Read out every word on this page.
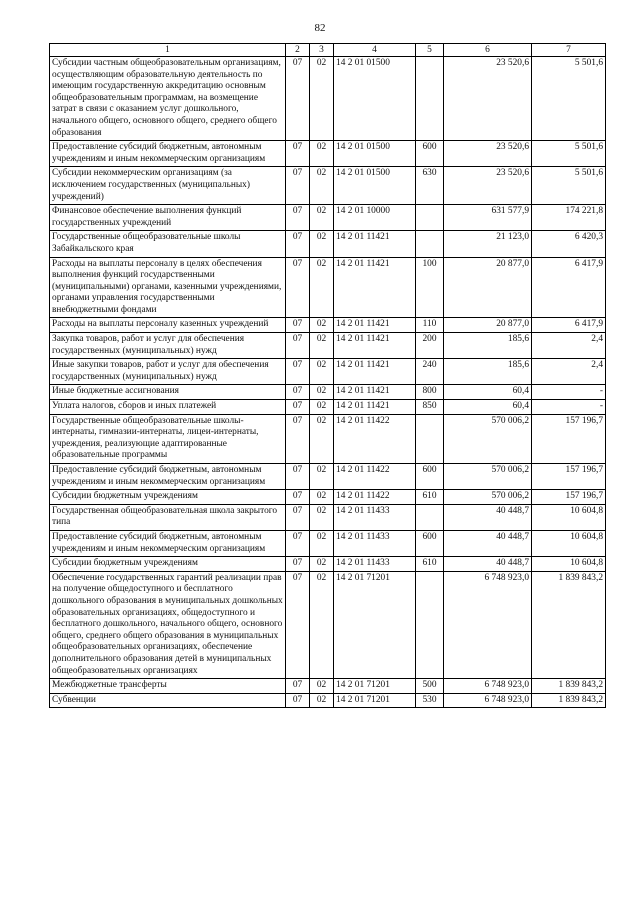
82
1	2	3	4	5	6	7
Субсидии частным общеобразовательным организациям, осуществляющим образовательную деятельность по имеющим государственную аккредитацию основным общеобразовательным программам, на возмещение затрат в связи с оказанием услуг дошкольного, начального общего, основного общего, среднего общего образования	07	02	14 2 01 01500		23 520,6	5 501,6
Предоставление субсидий бюджетным, автономным учреждениям и иным некоммерческим организациям	07	02	14 2 01 01500	600	23 520,6	5 501,6
Субсидии некоммерческим организациям (за исключением государственных (муниципальных) учреждений)	07	02	14 2 01 01500	630	23 520,6	5 501,6
Финансовое обеспечение выполнения функций государственных учреждений	07	02	14 2 01 10000		631 577,9	174 221,8
Государственные общеобразовательные школы Забайкальского края	07	02	14 2 01 11421		21 123,0	6 420,3
Расходы на выплаты персоналу в целях обеспечения выполнения функций государственными (муниципальными) органами, казенными учреждениями, органами управления государственными внебюджетными фондами	07	02	14 2 01 11421	100	20 877,0	6 417,9
Расходы на выплаты персоналу казенных учреждений	07	02	14 2 01 11421	110	20 877,0	6 417,9
Закупка товаров, работ и услуг для обеспечения государственных (муниципальных) нужд	07	02	14 2 01 11421	200	185,6	2,4
Иные закупки товаров, работ и услуг для обеспечения государственных (муниципальных) нужд	07	02	14 2 01 11421	240	185,6	2,4
Иные бюджетные ассигнования	07	02	14 2 01 11421	800	60,4	-
Уплата налогов, сборов и иных платежей	07	02	14 2 01 11421	850	60,4	-
Государственные общеобразовательные школы-интернаты, гимназии-интернаты, лицеи-интернаты, учреждения, реализующие адаптированные образовательные программы	07	02	14 2 01 11422		570 006,2	157 196,7
Предоставление субсидий бюджетным, автономным учреждениям и иным некоммерческим организациям	07	02	14 2 01 11422	600	570 006,2	157 196,7
Субсидии бюджетным учреждениям	07	02	14 2 01 11422	610	570 006,2	157 196,7
Государственная общеобразовательная школа закрытого типа	07	02	14 2 01 11433		40 448,7	10 604,8
Предоставление субсидий бюджетным, автономным учреждениям и иным некоммерческим организациям	07	02	14 2 01 11433	600	40 448,7	10 604,8
Субсидии бюджетным учреждениям	07	02	14 2 01 11433	610	40 448,7	10 604,8
Обеспечение государственных гарантий реализации прав на получение общедоступного и бесплатного дошкольного образования в муниципальных дошкольных образовательных организациях, общедоступного и бесплатного дошкольного, начального общего, основного общего, среднего общего образования в муниципальных общеобразовательных организациях, обеспечение дополнительного образования детей в муниципальных общеобразовательных организациях	07	02	14 2 01 71201		6 748 923,0	1 839 843,2
Межбюджетные трансферты	07	02	14 2 01 71201	500	6 748 923,0	1 839 843,2
Субвенции	07	02	14 2 01 71201	530	6 748 923,0	1 839 843,2
